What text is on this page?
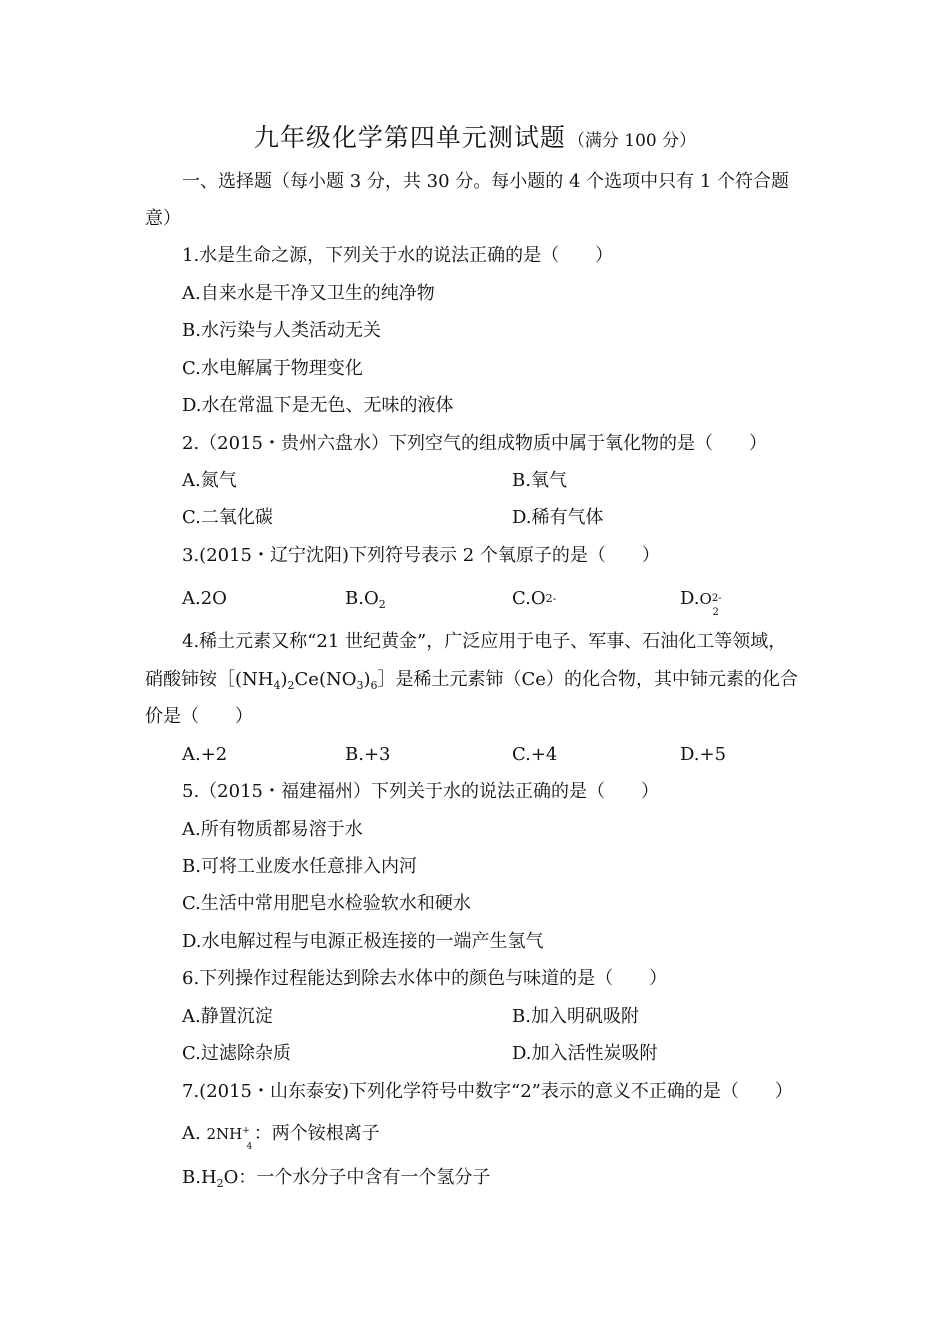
九年级化学第四单元测试题 （满分 100 分）
一、选择题（每小题 3 分，共 30 分。每小题的 4 个选项中只有 1 个符合题
意）
1.水是生命之源，下列关于水的说法正确的是（　　）
A.自来水是干净又卫生的纯净物
B.水污染与人类活动无关
C.水电解属于物理变化
D.水在常温下是无色、无味的液体
2.（2015・贵州六盘水）下列空气的组成物质中属于氧化物的是（　　）
A.氮气	B.氧气
C.二氧化碳	D.稀有气体
3.(2015・辽宁沈阳)下列符号表示 2 个氧原子的是（　　）
A.2O	$B.O_2$	C.O2-	$D.O^{2-}$
2
4.稀土元素又称“21 世纪黄金”，广泛应用于电子、军事、石油化工等领域，
硝酸铈铵$[(NH_4)_2Ce(NO_3)_6]$是稀土元素铈（Ce）的化合物，其中铈元素的化合
价是（　　）
A.+2	B.+3	C.+4	D.+5
5.（2015・福建福州）下列关于水的说法正确的是（　　）
A.所有物质都易溶于水
B.可将工业废水任意排入内河
C.生活中常用肥皂水检验软水和硬水
D.水电解过程与电源正极连接的一端产生氢气
6.下列操作过程能达到除去水体中的颜色与味道的是（　　）
A.静置沉淀	B.加入明矾吸附
C.过滤除杂质	D.加入活性炭吸附
7.(2015・山东泰安)下列化学符号中数字“2”表示的意义不正确的是（　　）
A. 2NH+
4
：两个铵根离子
$B.H_2O$：一个水分子中含有一个氢分子
